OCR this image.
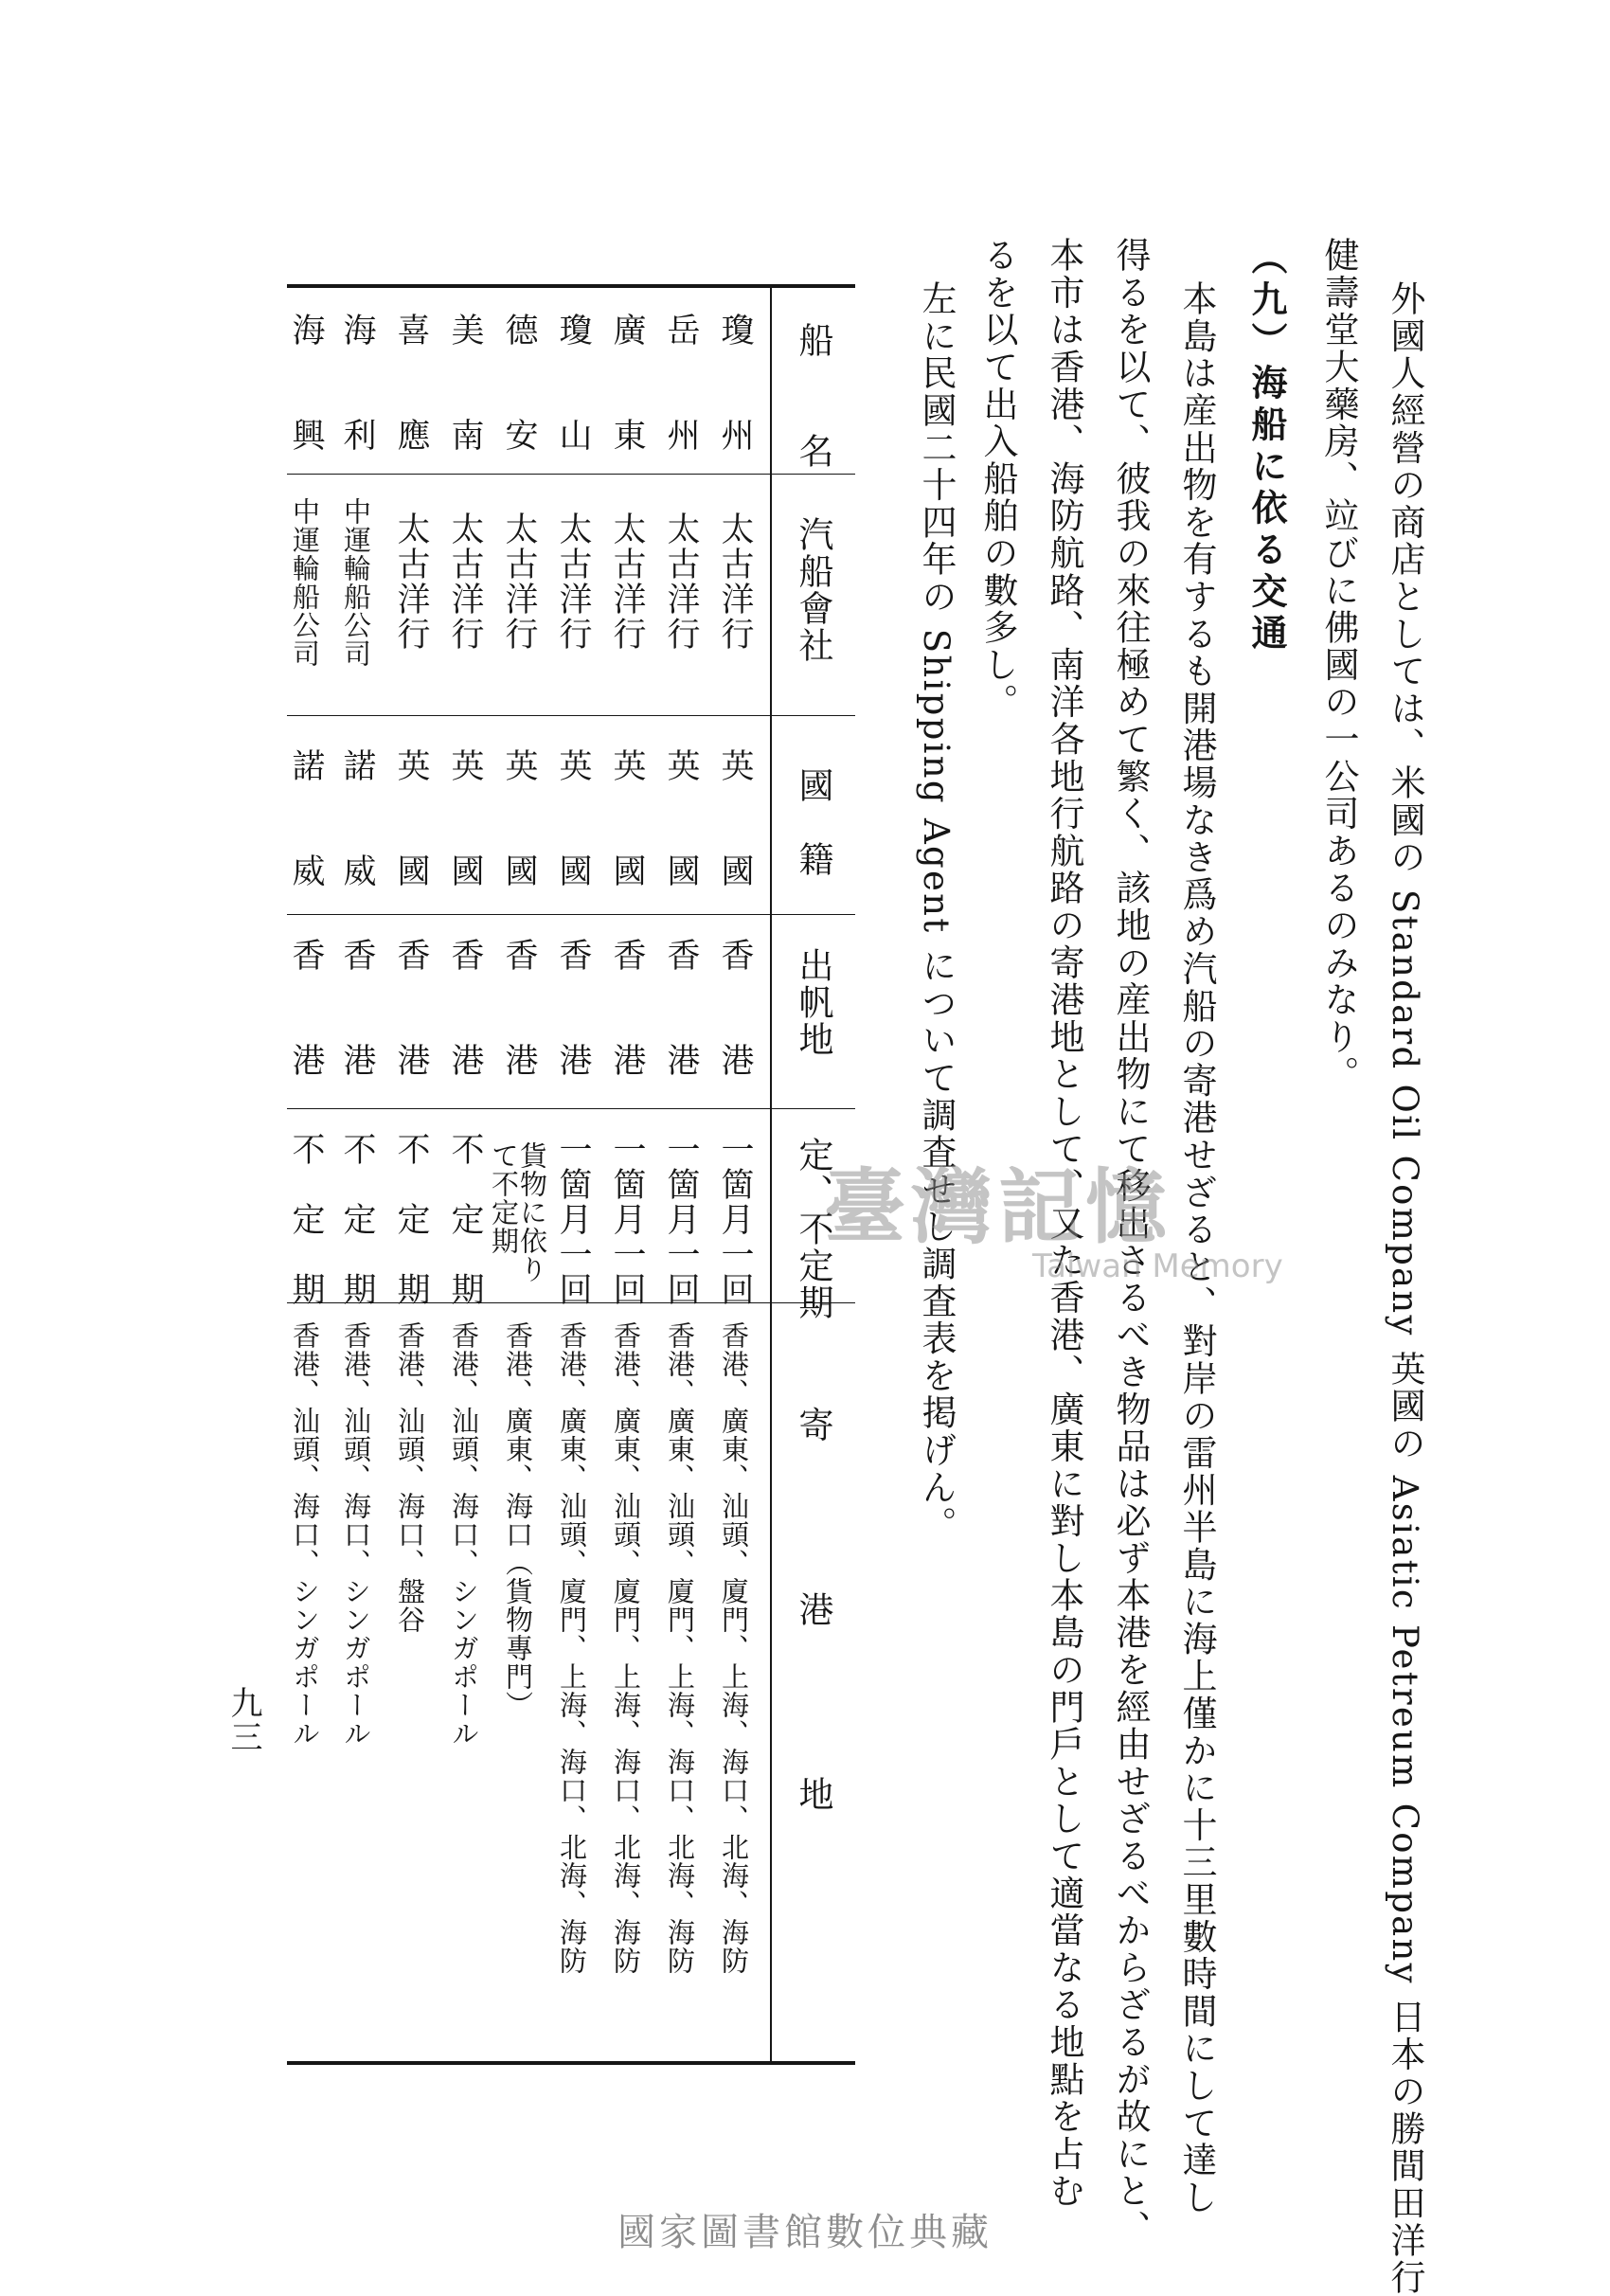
外國人經營の商店としては、米國の Standard Oil Company 英國の Asiatic Petreum Company 日本の勝間田洋行
健壽堂大藥房、竝びに佛國の一公司あるのみなり。
（九）海船に依る交通
本島は産出物を有するも開港場なき爲め汽船の寄港せざると、對岸の雷州半島に海上僅かに十三里數時間にして達し
得るを以て、彼我の來往極めて繁く、該地の産出物にて移出さるべき物品は必ず本港を經由せざるべからざるが故にと、
本市は香港、海防航路、南洋各地行航路の寄港地として、又た香港、廣東に對し本島の門戶として適當なる地點を占む
るを以て出入船舶の數多し。
左に民國二十四年の Shipping Agent について調査せし調査表を掲げん。
船　　名
汽船會社
國　籍
出帆地
定、不定期
寄　　　　港　　　　地
瓊　　州
太古洋行
英　　國
香　　港
一箇月一回
香港、廣東、汕頭、廈門、上海、海口、北海、海防
岳　　州
太古洋行
英　　國
香　　港
一箇月一回
香港、廣東、汕頭、廈門、上海、海口、北海、海防
廣　　東
太古洋行
英　　國
香　　港
一箇月一回
香港、廣東、汕頭、廈門、上海、海口、北海、海防
瓊　　山
太古洋行
英　　國
香　　港
一箇月一回
香港、廣東、汕頭、廈門、上海、海口、北海、海防
德　　安
太古洋行
英　　國
香　　港
貨物に依り
て不定期
香港、廣東、海口（貨物專門）
美　　南
太古洋行
英　　國
香　　港
不　定　期
香港、汕頭、海口、シンガポール
喜　　應
太古洋行
英　　國
香　　港
不　定　期
香港、汕頭、海口、盤谷
海　　利
中運輪船公司
諾　　威
香　　港
不　定　期
香港、汕頭、海口、シンガポール
海　　興
中運輪船公司
諾　　威
香　　港
不　定　期
香港、汕頭、海口、シンガポール
九三
臺灣記憶
Taiwan Memory
國家圖書館數位典藏
